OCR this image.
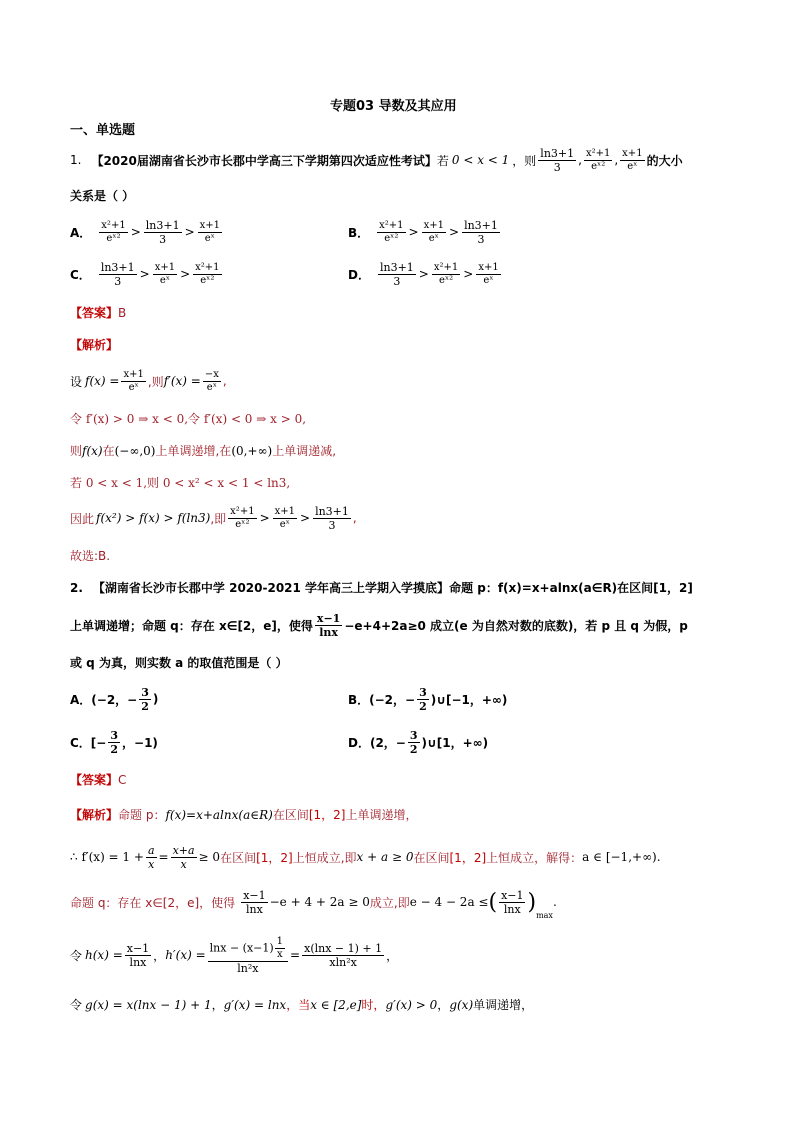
专题03 导数及其应用
一、单选题
1. 【2020届湖南省长沙市长郡中学高三下学期第四次适应性考试】 若 0 < x < 1 ，则 $\frac{\ln 3+1}{3}$ , $\frac{\text{x²+1}}{\text{eˣ²}}$ , $\frac{x+1}{\text{eˣ}}$ 的大小
关系是（ ）
A． $\frac{\text{x²+1}}{\text{eˣ²}} > \frac{\ln 3+1}{3} > \frac{x+1}{\text{eˣ}}$	B． $\frac{\text{x²+1}}{\text{eˣ²}} > \frac{x+1}{\text{eˣ}} > \frac{\ln 3+1}{3}$
C． $\frac{\ln 3+1}{3} > \frac{x+1}{\text{eˣ}} > \frac{\text{x²+1}}{\text{eˣ²}}$	D． $\frac{\ln 3+1}{3} > \frac{\text{x²+1}}{\text{eˣ²}} > \frac{x+1}{\text{eˣ}}$
【答案】 B
【解析】
设 $f(x) = \frac{x+1}{\text{eˣ}}$ ,则 $f'(x) = \frac{-x}{\text{eˣ}}$ ,
令 f′(x) > 0 ⇒ x < 0,令 f′(x) < 0 ⇒ x > 0,
则 f(x) 在 (−∞,0) 上单调递增,在 (0,+∞) 上单调递减,
若 0 < x < 1,则 0 < x² < x < 1 < ln3,
因此 f(x²) > f(x) > f(ln3) ,即 $\frac{\text{x²+1}}{\text{eˣ²}} > \frac{x+1}{\text{eˣ}} > \frac{\ln 3+1}{3}$ ,
故选:B.
2. 【湖南省长沙市长郡中学 2020-2021 学年高三上学期入学摸底】 命题 p：f(x)=x+alnx(a∈R)在区间[1，2]
上单调递增；命题 q：存在 x∈[2，e]，使得 $\frac{x-1}{\ln x} -e+4+2a\ge 0$ 成立(e 为自然对数的底数)，若 p 且 q 为假，p
或 q 为真，则实数 a 的取值范围是（ ）
A．(−2，− $\frac{3}{2}$ )	B．(−2，− $\frac{3}{2}$ )∪[−1，+∞)
C．[− $\frac{3}{2}$ ，−1)	D．(2，− $\frac{3}{2}$ )∪[1，+∞)
【答案】 C
【解析】 命题 p： f(x)=x+alnx(a∈R) 在区间 [1，2] 上单调递增，
∴ $f'(x) = 1 + \frac{a}{x} = \frac{x+a}{x} \ge 0$ 在区间 [1，2] 上恒成立,即 x + a ≥ 0 在区间 [1，2] 上恒成立，解得： a ∈ [−1,+∞).
命题 q：存在 x∈[2，e]，使得 $\frac{x-1}{\ln x} -e + 4 + 2a \ge 0$ 成立,即 e − 4 − 2a ≤ ( $\frac{x-1}{\ln x}$ )
max
.
令 $h(x) = \frac{x-1}{\ln x}$ ， $h'(x) = \frac{\ln x - (x-1) \frac{1}{x}}{\text{ln²x}} = \frac{x(\ln x - 1) + 1}{\text{xln²x}}$ ，
令 g(x) = x(lnx − 1) + 1 ， g′(x) = lnx ，当 x ∈ [2,e] 时， g′(x) > 0 ， g(x) 单调递增，
